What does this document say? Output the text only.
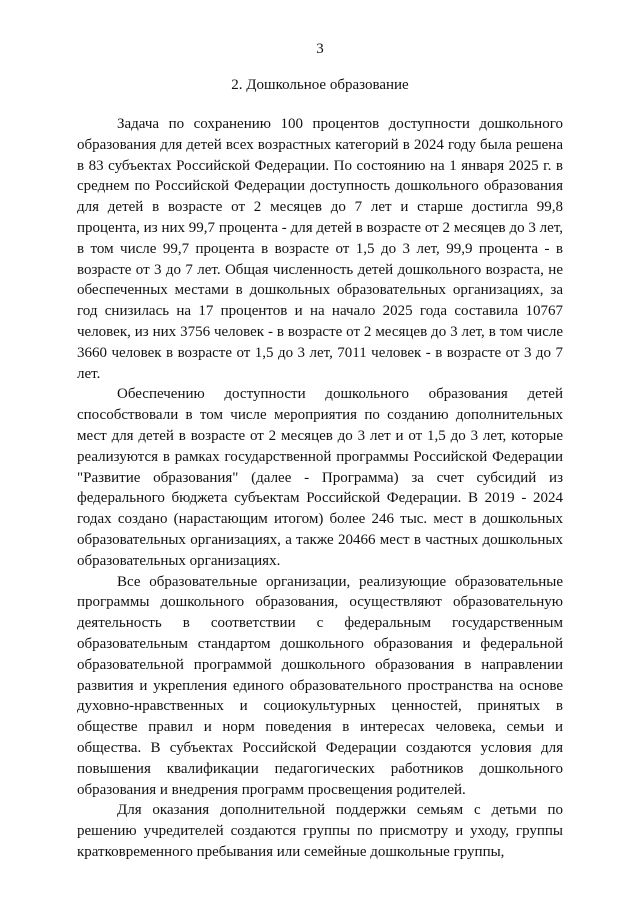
3
2. Дошкольное образование

Задача по сохранению 100 процентов доступности дошкольного образования для детей всех возрастных категорий в 2024 году была решена в 83 субъектах Российской Федерации. По состоянию на 1 января 2025 г. в среднем по Российской Федерации доступность дошкольного образования для детей в возрасте от 2 месяцев до 7 лет и старше достигла 99,8 процента, из них 99,7 процента - для детей в возрасте от 2 месяцев до 3 лет, в том числе 99,7 процента в возрасте от 1,5 до 3 лет, 99,9 процента - в возрасте от 3 до 7 лет. Общая численность детей дошкольного возраста, не обеспеченных местами в дошкольных образовательных организациях, за год снизилась на 17 процентов и на начало 2025 года составила 10767 человек, из них 3756 человек - в возрасте от 2 месяцев до 3 лет, в том числе 3660 человек в возрасте от 1,5 до 3 лет, 7011 человек - в возрасте от 3 до 7 лет.

Обеспечению доступности дошкольного образования детей способствовали в том числе мероприятия по созданию дополнительных мест для детей в возрасте от 2 месяцев до 3 лет и от 1,5 до 3 лет, которые реализуются в рамках государственной программы Российской Федерации "Развитие образования" (далее - Программа) за счет субсидий из федерального бюджета субъектам Российской Федерации. В 2019 - 2024 годах создано (нарастающим итогом) более 246 тыс. мест в дошкольных образовательных организациях, а также 20466 мест в частных дошкольных образовательных организациях.

Все образовательные организации, реализующие образовательные программы дошкольного образования, осуществляют образовательную деятельность в соответствии с федеральным государственным образовательным стандартом дошкольного образования и федеральной образовательной программой дошкольного образования в направлении развития и укрепления единого образовательного пространства на основе духовно-нравственных и социокультурных ценностей, принятых в обществе правил и норм поведения в интересах человека, семьи и общества. В субъектах Российской Федерации создаются условия для повышения квалификации педагогических работников дошкольного образования и внедрения программ просвещения родителей.

Для оказания дополнительной поддержки семьям с детьми по решению учредителей создаются группы по присмотру и уходу, группы кратковременного пребывания или семейные дошкольные группы,
